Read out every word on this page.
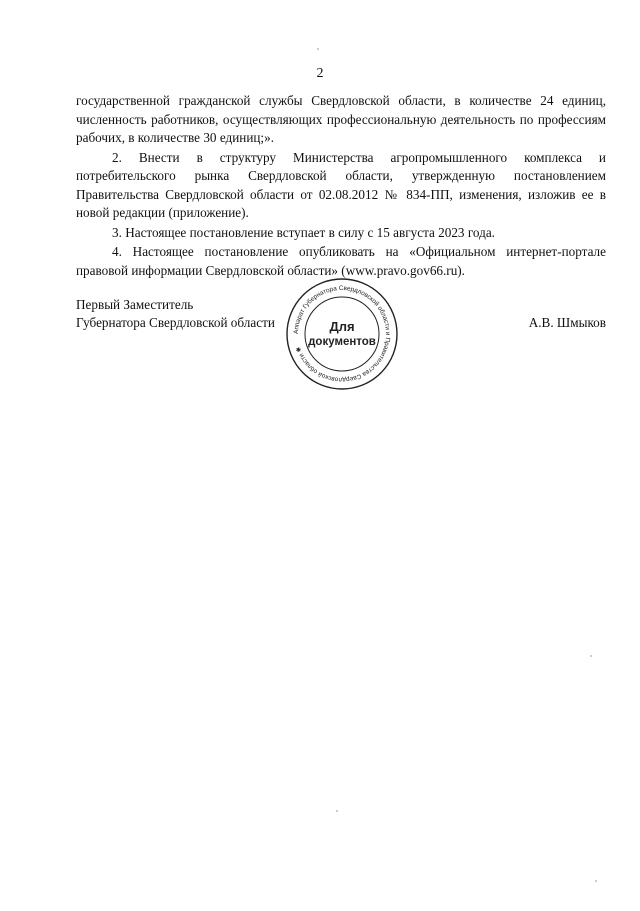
2

государственной гражданской службы Свердловской области, в количестве 24 единиц, численность работников, осуществляющих профессиональную деятельность по профессиям рабочих, в количестве 30 единиц;».

2. Внести в структуру Министерства агропромышленного комплекса и потребительского рынка Свердловской области, утвержденную постановлением Правительства Свердловской области от 02.08.2012 № 834-ПП, изменения, изложив ее в новой редакции (приложение).

3. Настоящее постановление вступает в силу с 15 августа 2023 года.

4. Настоящее постановление опубликовать на «Официальном интернет-портале правовой информации Свердловской области» (www.pravo.gov66.ru).

Первый Заместитель
Губернатора Свердловской области	А.В. Шмыков
Аппарат Губернатора Свердловской области и Правительства Свердловской области ✱
Для
документов
